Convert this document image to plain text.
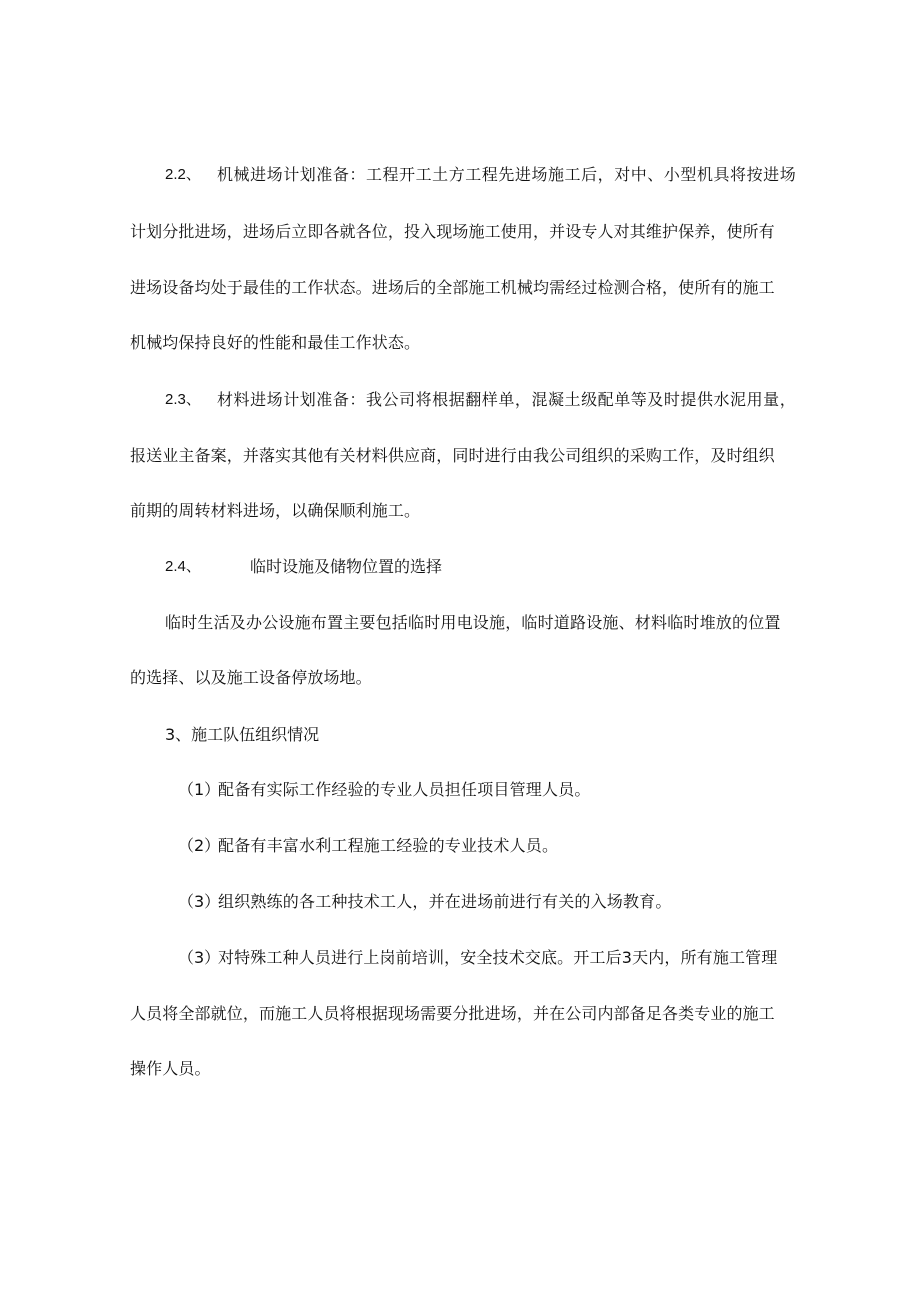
2.2、 机械进场计划准备：工程开工土方工程先进场施工后，对中、小型机具将按进场
计划分批进场，进场后立即各就各位，投入现场施工使用，并设专人对其维护保养，使所有
进场设备均处于最佳的工作状态。进场后的全部施工机械均需经过检测合格，使所有的施工
机械均保持良好的性能和最佳工作状态。
2.3、 材料进场计划准备：我公司将根据翻样单，混凝土级配单等及时提供水泥用量，
报送业主备案，并落实其他有关材料供应商，同时进行由我公司组织的采购工作，及时组织
前期的周转材料进场，以确保顺利施工。
2.4、	临时设施及储物位置的选择
临时生活及办公设施布置主要包括临时用电设施，临时道路设施、材料临时堆放的位置
的选择、以及施工设备停放场地。
3、施工队伍组织情况
（1）
配备有实际工作经验的专业人员担任项目管理人员。
（2）
配备有丰富水利工程施工经验的专业技术人员。
（3）
组织熟练的各工种技术工人，并在进场前进行有关的入场教育。
（3）
对特殊工种人员进行上岗前培训，安全技术交底。开工后3天内，所有施工管理
人员将全部就位，而施工人员将根据现场需要分批进场，并在公司内部备足各类专业的施工
操作人员。
